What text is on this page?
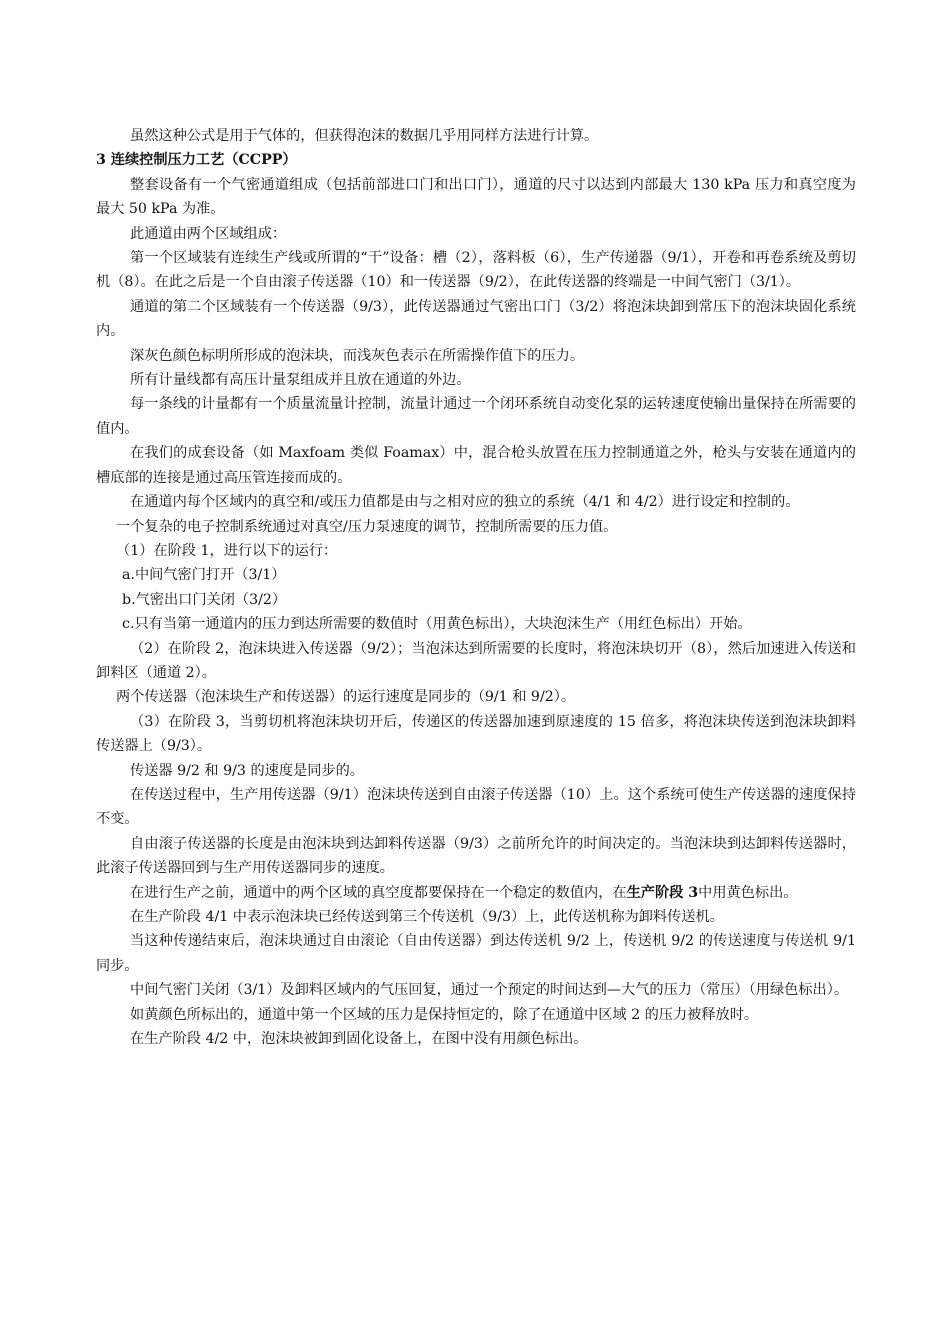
虽然这种公式是用于气体的，但获得泡沫的数据几乎用同样方法进行计算。

3 连续控制压力工艺（CCPP）

整套设备有一个气密通道组成（包括前部进口门和出口门），通道的尺寸以达到内部最大 130 kPa 压力和真空度为最大 50 kPa 为准。

此通道由两个区域组成：

第一个区域装有连续生产线或所谓的“干”设备：槽（2），落料板（6），生产传递器（9/1），开卷和再卷系统及剪切机（8）。在此之后是一个自由滚子传送器（10）和一传送器（9/2），在此传送器的终端是一中间气密门（3/1）。

通道的第二个区域装有一个传送器（9/3），此传送器通过气密出口门（3/2）将泡沫块卸到常压下的泡沫块固化系统内。

深灰色颜色标明所形成的泡沫块，而浅灰色表示在所需操作值下的压力。

所有计量线都有高压计量泵组成并且放在通道的外边。

每一条线的计量都有一个质量流量计控制，流量计通过一个闭环系统自动变化泵的运转速度使输出量保持在所需要的值内。

在我们的成套设备（如 Maxfoam 类似 Foamax）中，混合枪头放置在压力控制通道之外，枪头与安装在通道内的槽底部的连接是通过高压管连接而成的。

在通道内每个区域内的真空和/或压力值都是由与之相对应的独立的系统（4/1 和 4/2）进行设定和控制的。

一个复杂的电子控制系统通过对真空/压力泵速度的调节，控制所需要的压力值。

（1）在阶段 1，进行以下的运行：

a.中间气密门打开（3/1）

b.气密出口门关闭（3/2）

c.只有当第一通道内的压力到达所需要的数值时（用黄色标出），大块泡沫生产（用红色标出）开始。

（2）在阶段 2，泡沫块进入传送器（9/2）；当泡沫达到所需要的长度时，将泡沫块切开（8），然后加速进入传送和卸料区（通道 2）。

两个传送器（泡沫块生产和传送器）的运行速度是同步的（9/1 和 9/2）。

（3）在阶段 3，当剪切机将泡沫块切开后，传递区的传送器加速到原速度的 15 倍多，将泡沫块传送到泡沫块卸料传送器上（9/3）。

传送器 9/2 和 9/3 的速度是同步的。

在传送过程中，生产用传送器（9/1）泡沫块传送到自由滚子传送器（10）上。这个系统可使生产传送器的速度保持不变。

自由滚子传送器的长度是由泡沫块到达卸料传送器（9/3）之前所允许的时间决定的。当泡沫块到达卸料传送器时，此滚子传送器回到与生产用传送器同步的速度。

在进行生产之前，通道中的两个区域的真空度都要保持在一个稳定的数值内，在生产阶段 3中用黄色标出。

在生产阶段 4/1 中表示泡沫块已经传送到第三个传送机（9/3）上，此传送机称为卸料传送机。

当这种传递结束后，泡沫块通过自由滚论（自由传送器）到达传送机 9/2 上，传送机 9/2 的传送速度与传送机 9/1 同步。

中间气密门关闭（3/1）及卸料区域内的气压回复，通过一个预定的时间达到—大气的压力（常压）（用绿色标出）。

如黄颜色所标出的，通道中第一个区域的压力是保持恒定的，除了在通道中区域 2 的压力被释放时。

在生产阶段 4/2 中，泡沫块被卸到固化设备上，在图中没有用颜色标出。
